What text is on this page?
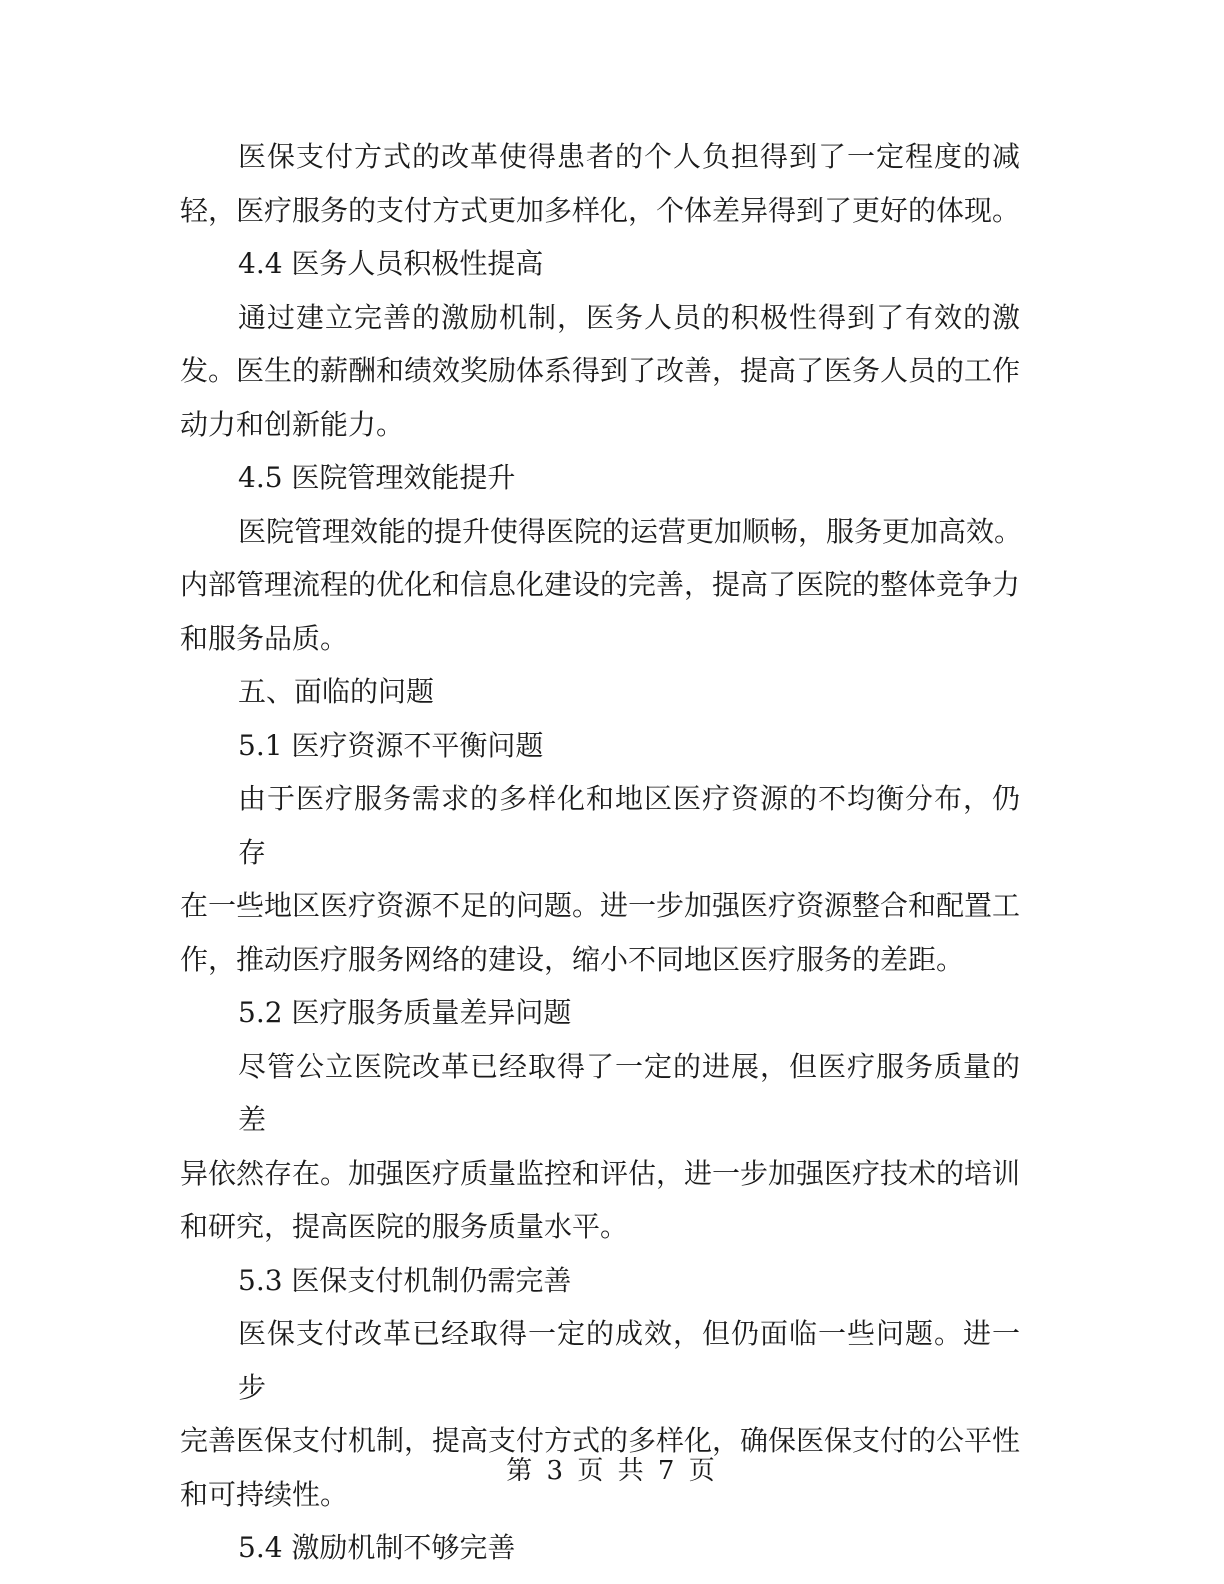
医保支付方式的改革使得患者的个人负担得到了一定程度的减

轻，医疗服务的支付方式更加多样化，个体差异得到了更好的体现。

4.4 医务人员积极性提高

通过建立完善的激励机制，医务人员的积极性得到了有效的激

发。医生的薪酬和绩效奖励体系得到了改善，提高了医务人员的工作

动力和创新能力。

4.5 医院管理效能提升

医院管理效能的提升使得医院的运营更加顺畅，服务更加高效。

内部管理流程的优化和信息化建设的完善，提高了医院的整体竞争力

和服务品质。

五、面临的问题

5.1 医疗资源不平衡问题

由于医疗服务需求的多样化和地区医疗资源的不均衡分布，仍存

在一些地区医疗资源不足的问题。进一步加强医疗资源整合和配置工

作，推动医疗服务网络的建设，缩小不同地区医疗服务的差距。

5.2 医疗服务质量差异问题

尽管公立医院改革已经取得了一定的进展，但医疗服务质量的差

异依然存在。加强医疗质量监控和评估，进一步加强医疗技术的培训

和研究，提高医院的服务质量水平。

5.3 医保支付机制仍需完善

医保支付改革已经取得一定的成效，但仍面临一些问题。进一步

完善医保支付机制，提高支付方式的多样化，确保医保支付的公平性

和可持续性。

5.4 激励机制不够完善

第 3 页 共 7 页
